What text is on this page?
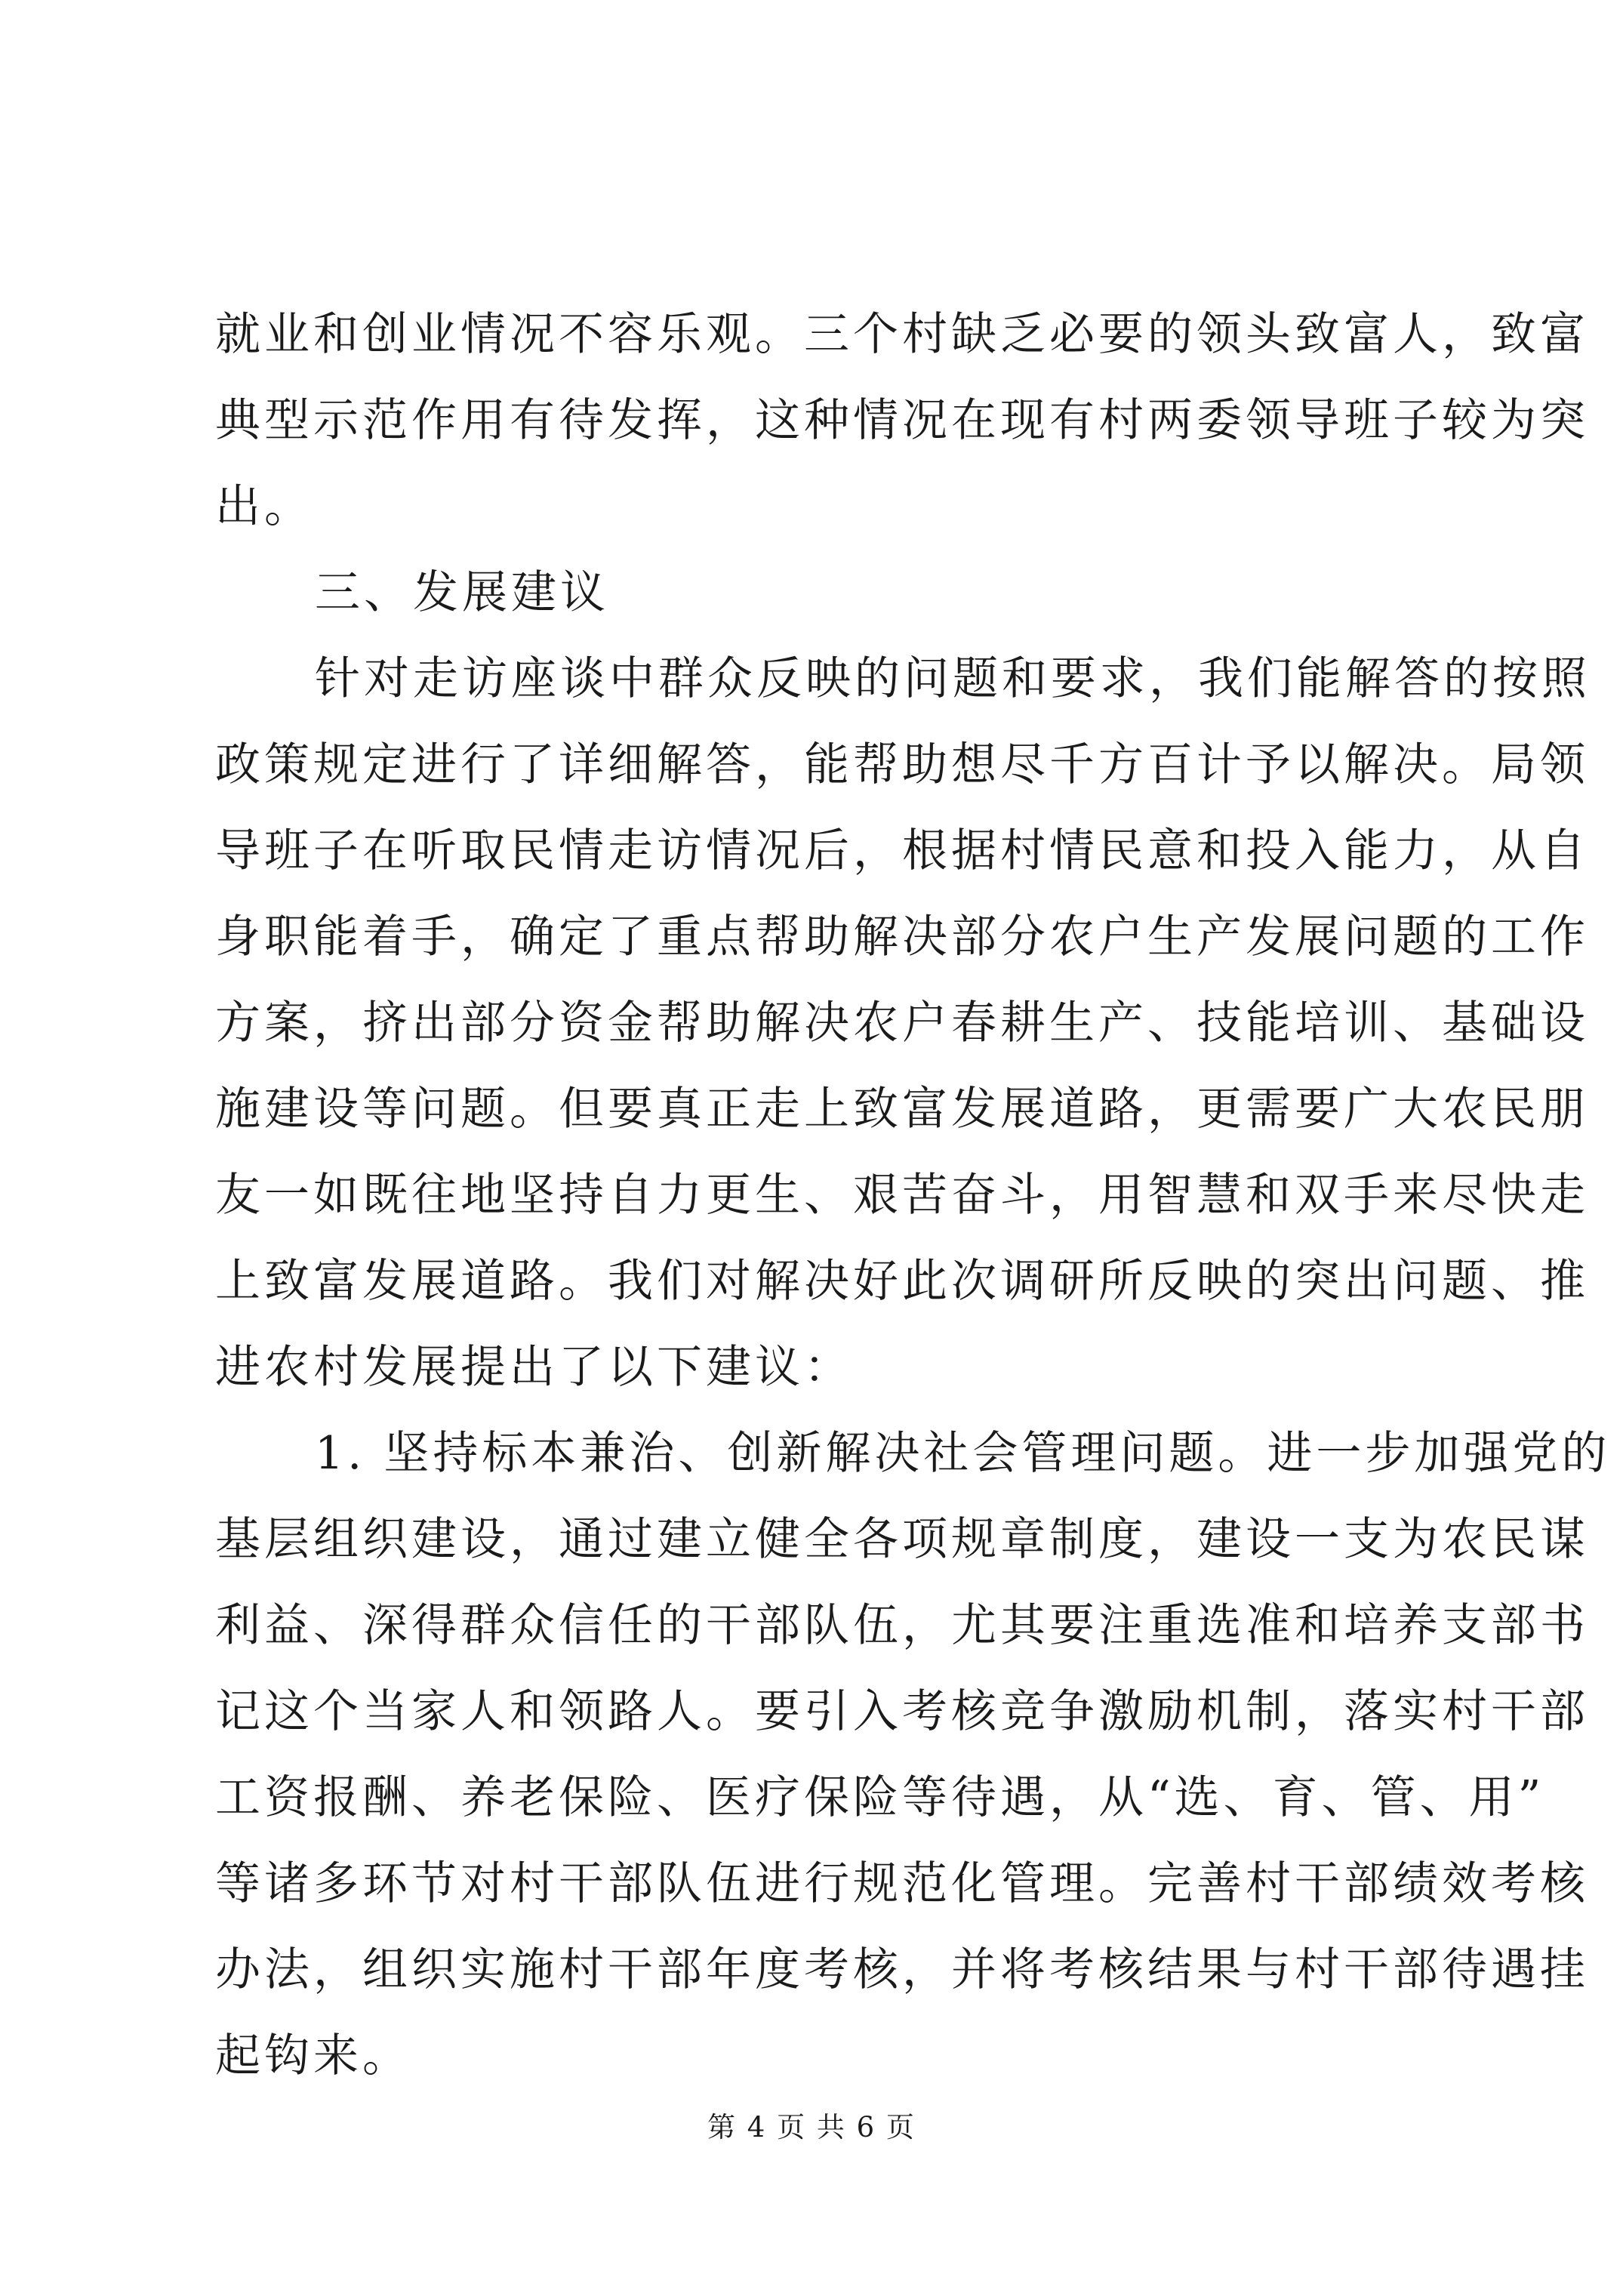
就业和创业情况不容乐观。三个村缺乏必要的领头致富人，致富
典型示范作用有待发挥，这种情况在现有村两委领导班子较为突
出。
三、发展建议
针对走访座谈中群众反映的问题和要求，我们能解答的按照
政策规定进行了详细解答，能帮助想尽千方百计予以解决。局领
导班子在听取民情走访情况后，根据村情民意和投入能力，从自
身职能着手，确定了重点帮助解决部分农户生产发展问题的工作
方案，挤出部分资金帮助解决农户春耕生产、技能培训、基础设
施建设等问题。但要真正走上致富发展道路，更需要广大农民朋
友一如既往地坚持自力更生、艰苦奋斗，用智慧和双手来尽快走
上致富发展道路。我们对解决好此次调研所反映的突出问题、推
进农村发展提出了以下建议：
1. 坚持标本兼治、创新解决社会管理问题。进一步加强党的
基层组织建设，通过建立健全各项规章制度，建设一支为农民谋
利益、深得群众信任的干部队伍，尤其要注重选准和培养支部书
记这个当家人和领路人。要引入考核竞争激励机制，落实村干部
工资报酬、养老保险、医疗保险等待遇，从“选、育、管、用”
等诸多环节对村干部队伍进行规范化管理。完善村干部绩效考核
办法，组织实施村干部年度考核，并将考核结果与村干部待遇挂
起钩来。
第 4 页 共 6 页
